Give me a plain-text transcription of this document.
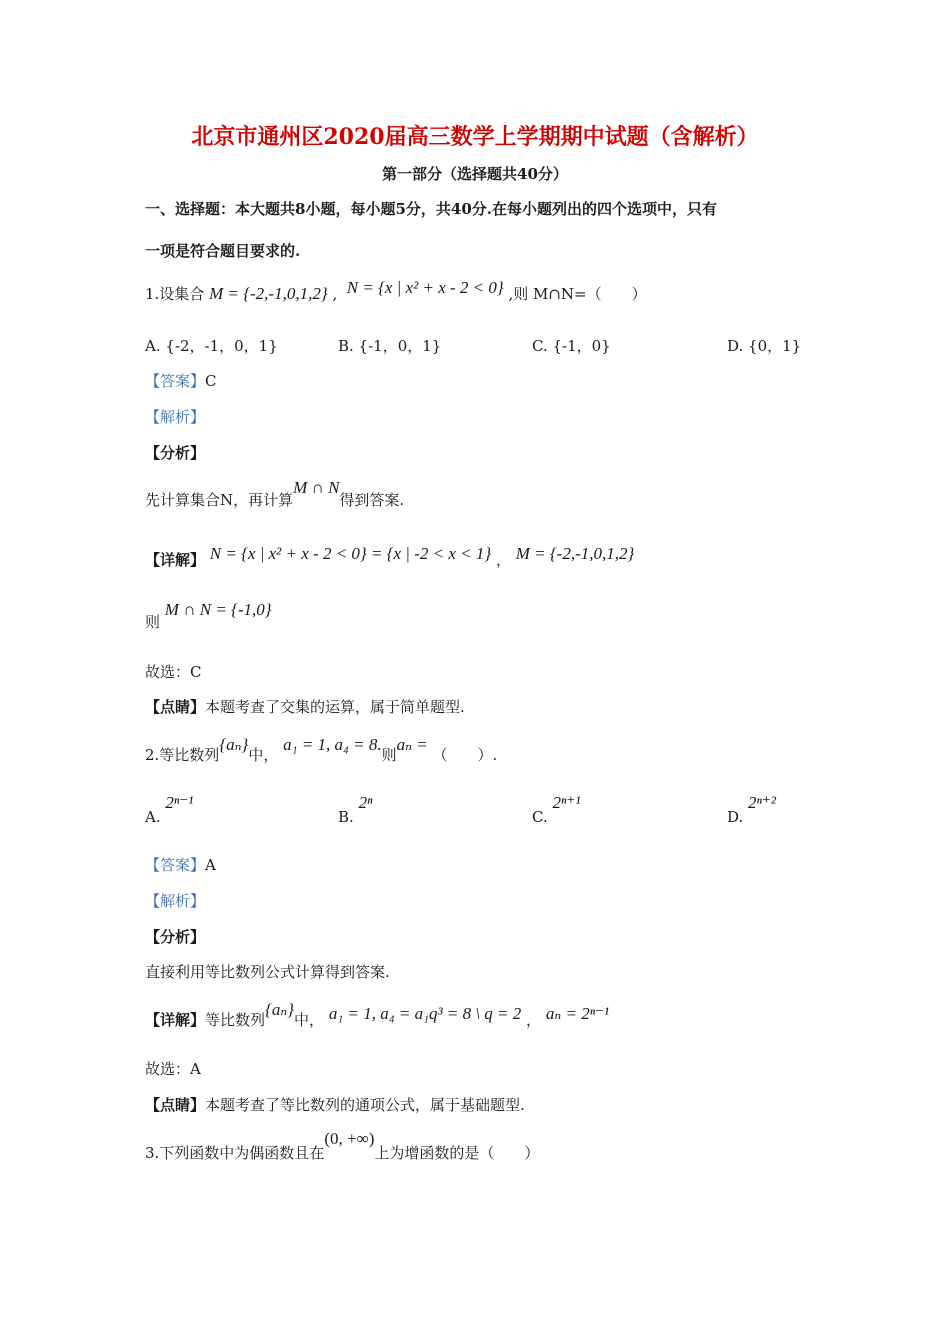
北京市通州区2020届高三数学上学期期中试题（含解析）
第一部分（选择题共40分）
一、选择题：本大题共8小题，每小题5分，共40分.在每小题列出的四个选项中，只有
一项是符合题目要求的.
1.设集合 M = {-2,-1,0,1,2} ,  N = {x | x² + x - 2 < 0} ,则 M∩N=（　　）
A. {-2，-1，0，1}	B. {-1，0，1}	C. {-1，0}	D. {0，1}
【答案】C
【解析】
【分析】
先计算集合N，再计算M ∩ N得到答案.
【详解】 N = {x | x² + x - 2 < 0} = {x | -2 < x < 1} ， M = {-2,-1,0,1,2}
则 M ∩ N = {-1,0}
故选：C
【点睛】本题考查了交集的运算，属于简单题型.
2.等比数列{aₙ}中， a₁ = 1, a₄ = 8.则aₙ = （　　）.
A. 2ⁿ⁻¹
B. 2ⁿ
C. 2ⁿ⁺¹
D. 2ⁿ⁺²
【答案】A
【解析】
【分析】
直接利用等比数列公式计算得到答案.
【详解】等比数列{aₙ}中， a₁ = 1, a₄ = a₁q³ = 8 \ q = 2 ， aₙ = 2ⁿ⁻¹
故选：A
【点睛】本题考查了等比数列的通项公式，属于基础题型.
3.下列函数中为偶函数且在(0, +∞)上为增函数的是（　　）
